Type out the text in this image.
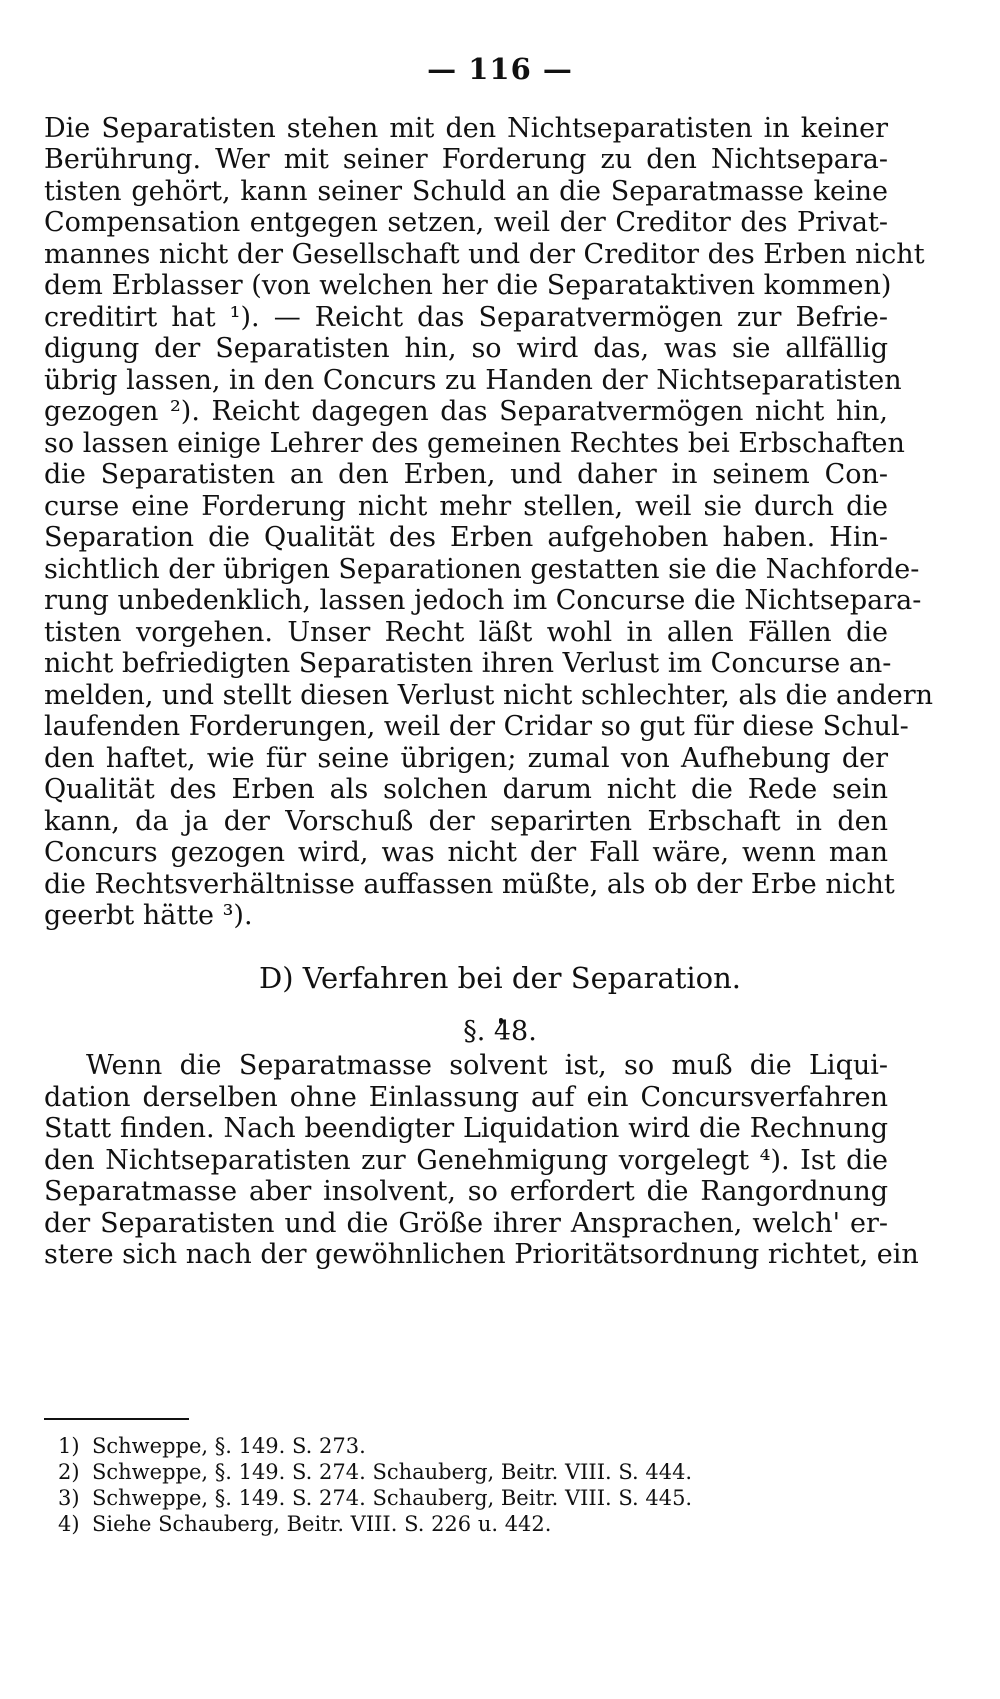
— 116 —
Die Separatisten stehen mit den Nichtseparatisten in keiner
Berührung. Wer mit seiner Forderung zu den Nichtsepara-
tisten gehört, kann seiner Schuld an die Separatmasse keine
Compensation entgegen setzen, weil der Creditor des Privat-
mannes nicht der Gesellschaft und der Creditor des Erben nicht
dem Erblasser (von welchen her die Separataktiven kommen)
creditirt hat ¹). — Reicht das Separatvermögen zur Befrie-
digung der Separatisten hin, so wird das, was sie allfällig
übrig lassen, in den Concurs zu Handen der Nichtseparatisten
gezogen ²). Reicht dagegen das Separatvermögen nicht hin,
so lassen einige Lehrer des gemeinen Rechtes bei Erbschaften
die Separatisten an den Erben, und daher in seinem Con-
curse eine Forderung nicht mehr stellen, weil sie durch die
Separation die Qualität des Erben aufgehoben haben. Hin-
sichtlich der übrigen Separationen gestatten sie die Nachforde-
rung unbedenklich, lassen jedoch im Concurse die Nichtsepara-
tisten vorgehen. Unser Recht läßt wohl in allen Fällen die
nicht befriedigten Separatisten ihren Verlust im Concurse an-
melden, und stellt diesen Verlust nicht schlechter, als die andern
laufenden Forderungen, weil der Cridar so gut für diese Schul-
den haftet, wie für seine übrigen; zumal von Aufhebung der
Qualität des Erben als solchen darum nicht die Rede sein
kann, da ja der Vorschuß der separirten Erbschaft in den
Concurs gezogen wird, was nicht der Fall wäre, wenn man
die Rechtsverhältnisse auffassen müßte, als ob der Erbe nicht
geerbt hätte ³).
D) Verfahren bei der Separation.
§. 48.
Wenn die Separatmasse solvent ist, so muß die Liqui-
dation derselben ohne Einlassung auf ein Concursverfahren
Statt finden. Nach beendigter Liquidation wird die Rechnung
den Nichtseparatisten zur Genehmigung vorgelegt ⁴). Ist die
Separatmasse aber insolvent, so erfordert die Rangordnung
der Separatisten und die Größe ihrer Ansprachen, welch' er-
stere sich nach der gewöhnlichen Prioritätsordnung richtet, ein
1) Schweppe, §. 149. S. 273.
2) Schweppe, §. 149. S. 274. Schauberg, Beitr. VIII. S. 444.
3) Schweppe, §. 149. S. 274. Schauberg, Beitr. VIII. S. 445.
4) Siehe Schauberg, Beitr. VIII. S. 226 u. 442.
